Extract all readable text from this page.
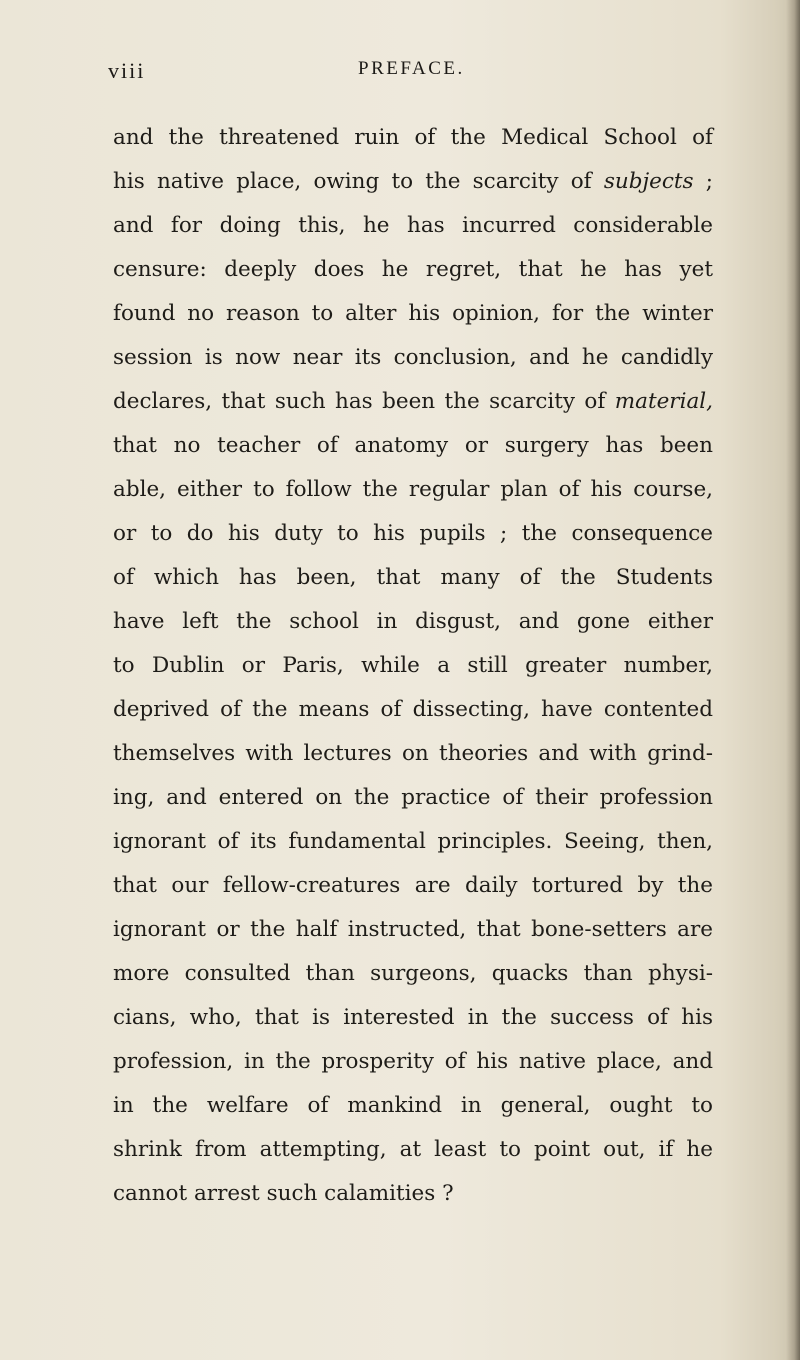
viii	PREFACE.
and the threatened ruin of the Medical School of
his native place, owing to the scarcity of subjects ;
and for doing this, he has incurred considerable
censure: deeply does he regret, that he has yet
found no reason to alter his opinion, for the winter
session is now near its conclusion, and he candidly
declares, that such has been the scarcity of material,
that no teacher of anatomy or surgery has been
able, either to follow the regular plan of his course,
or to do his duty to his pupils ; the consequence
of which has been, that many of the Students
have left the school in disgust, and gone either
to Dublin or Paris, while a still greater number,
deprived of the means of dissecting, have contented
themselves with lectures on theories and with grind-
ing, and entered on the practice of their profession
ignorant of its fundamental principles. Seeing, then,
that our fellow-creatures are daily tortured by the
ignorant or the half instructed, that bone-setters are
more consulted than surgeons, quacks than physi-
cians, who, that is interested in the success of his
profession, in the prosperity of his native place, and
in the welfare of mankind in general, ought to
shrink from attempting, at least to point out, if he
cannot arrest such calamities ?
